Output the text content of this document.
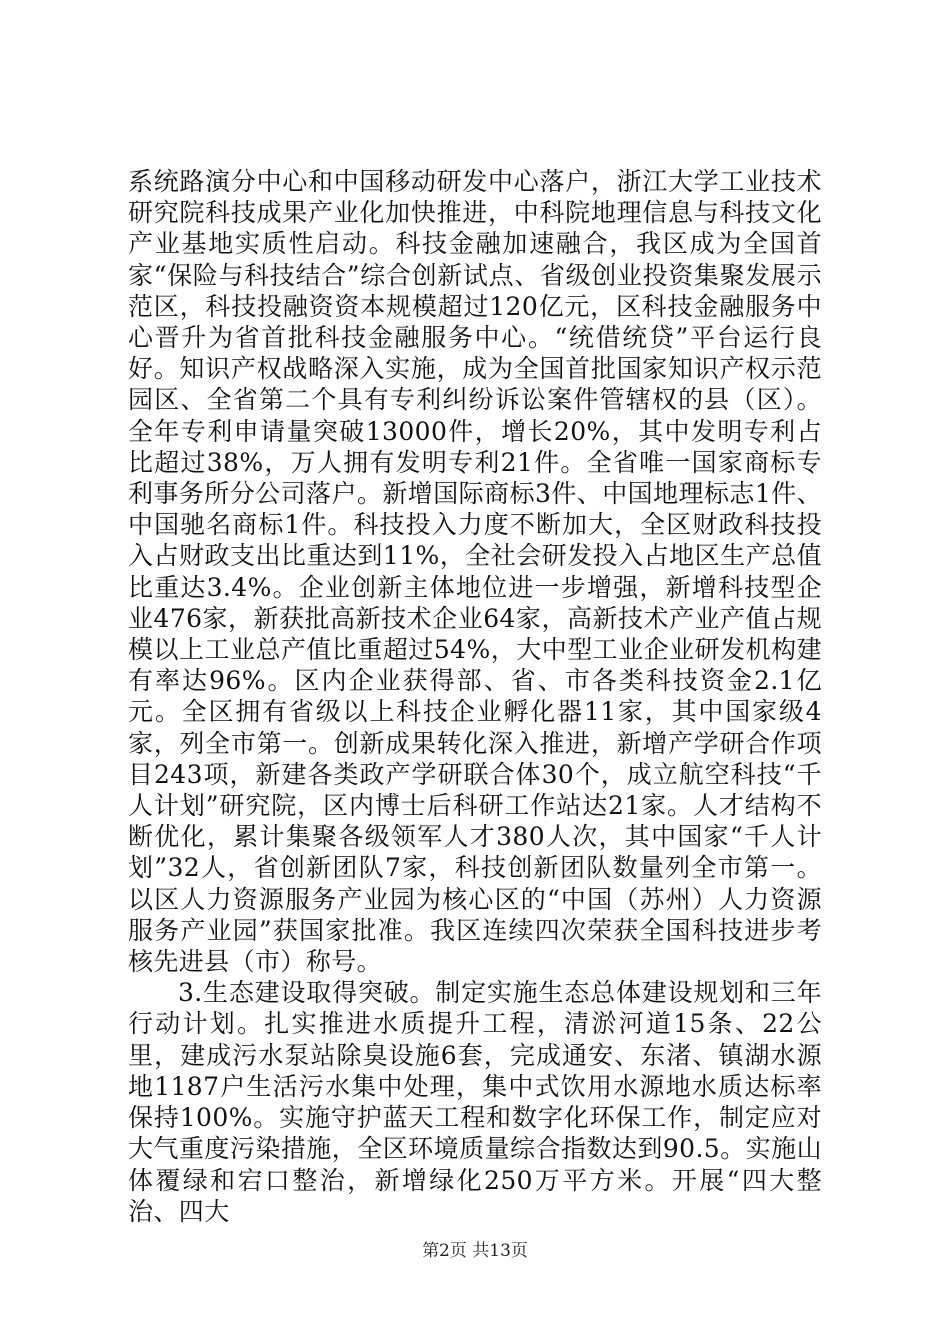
系统路演分中心和中国移动研发中心落户，浙江大学工业技术研究院科技成果产业化加快推进，中科院地理信息与科技文化产业基地实质性启动。科技金融加速融合，我区成为全国首家“保险与科技结合”综合创新试点、省级创业投资集聚发展示范区，科技投融资资本规模超过120亿元，区科技金融服务中心晋升为省首批科技金融服务中心。“统借统贷”平台运行良好。知识产权战略深入实施，成为全国首批国家知识产权示范园区、全省第二个具有专利纠纷诉讼案件管辖权的县（区）。全年专利申请量突破13000件，增长20%，其中发明专利占比超过38%，万人拥有发明专利21件。全省唯一国家商标专利事务所分公司落户。新增国际商标3件、中国地理标志1件、中国驰名商标1件。科技投入力度不断加大，全区财政科技投入占财政支出比重达到11%，全社会研发投入占地区生产总值比重达3.4%。企业创新主体地位进一步增强，新增科技型企业476家，新获批高新技术企业64家，高新技术产业产值占规模以上工业总产值比重超过54%，大中型工业企业研发机构建有率达96%。区内企业获得部、省、市各类科技资金2.1亿元。全区拥有省级以上科技企业孵化器11家，其中国家级4家，列全市第一。创新成果转化深入推进，新增产学研合作项目243项，新建各类政产学研联合体30个，成立航空科技“千人计划”研究院，区内博士后科研工作站达21家。人才结构不断优化，累计集聚各级领军人才380人次，其中国家“千人计划”32人，省创新团队7家，科技创新团队数量列全市第一。以区人力资源服务产业园为核心区的“中国（苏州）人力资源服务产业园”获国家批准。我区连续四次荣获全国科技进步考核先进县（市）称号。

3.生态建设取得突破。制定实施生态总体建设规划和三年行动计划。扎实推进水质提升工程，清淤河道15条、22公里，建成污水泵站除臭设施6套，完成通安、东渚、镇湖水源地1187户生活污水集中处理，集中式饮用水源地水质达标率保持100%。实施守护蓝天工程和数字化环保工作，制定应对大气重度污染措施，全区环境质量综合指数达到90.5。实施山体覆绿和宕口整治，新增绿化250万平方米。开展“四大整治、四大

第2页 共13页
